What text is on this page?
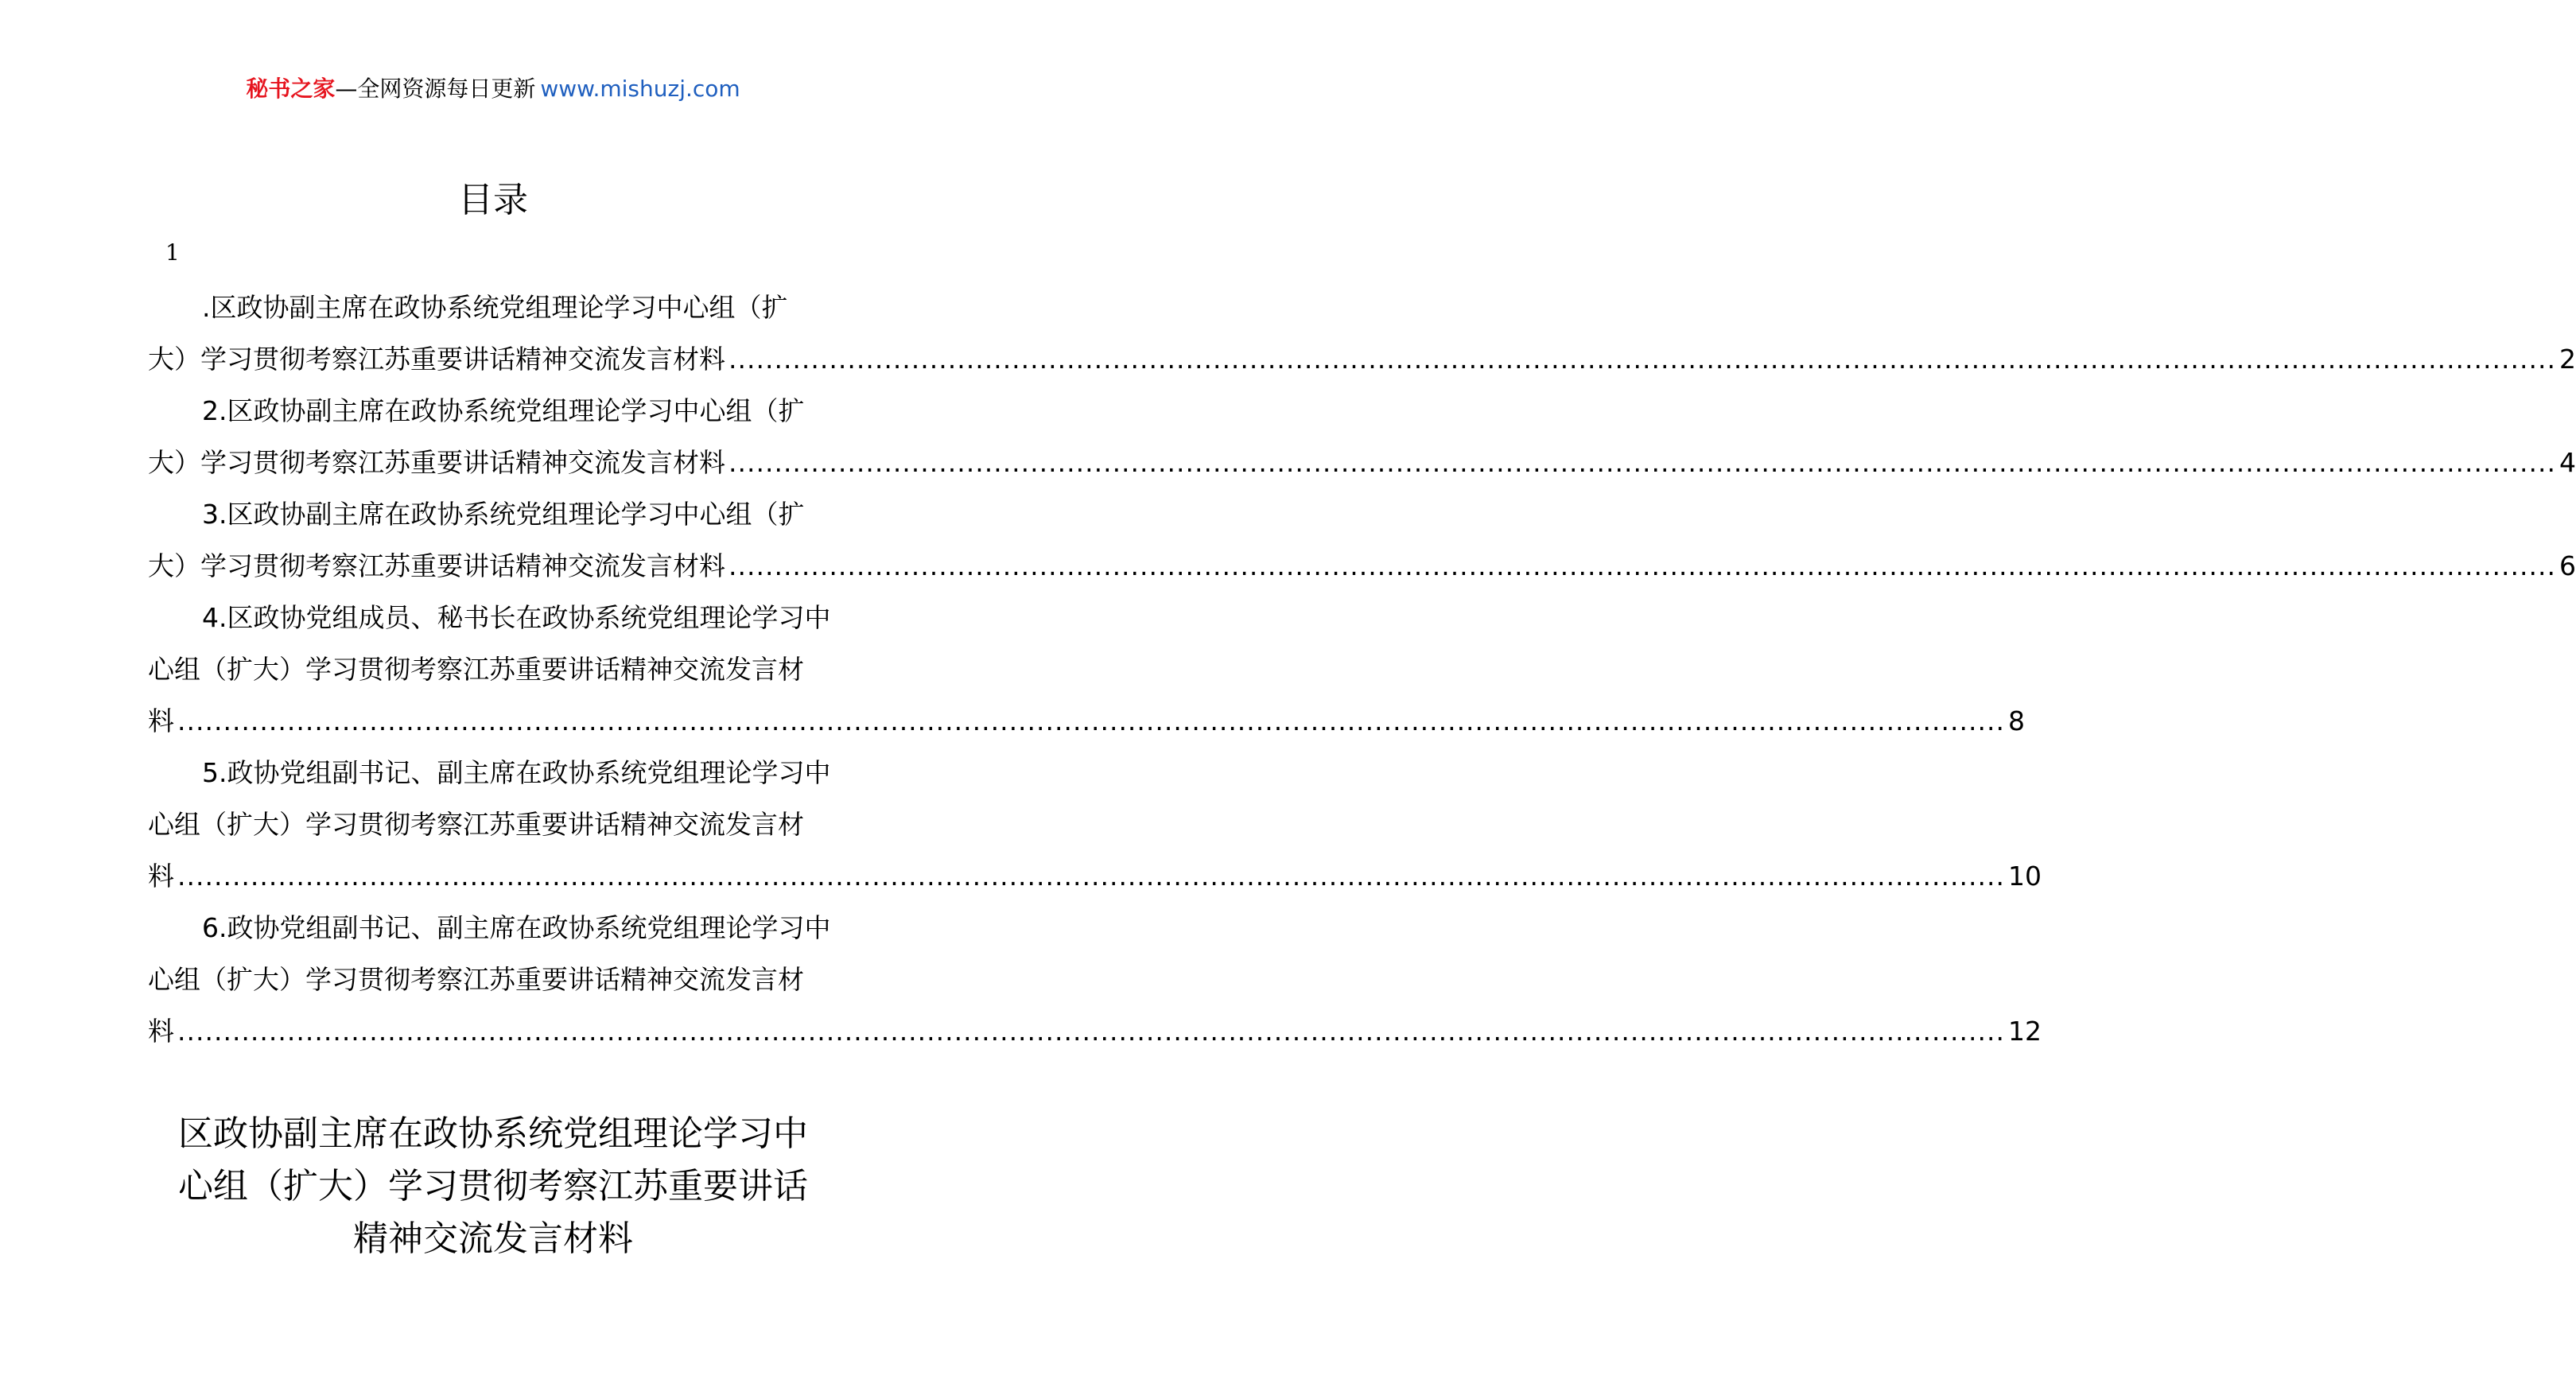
秘书之家—全网资源每日更新 www.mishuzj.com
目录
1
.区政协副主席在政协系统党组理论学习中心组（扩
大）学习贯彻考察江苏重要讲话精神交流发言材料 ........................................................................................................................................................................................................ 2
2.区政协副主席在政协系统党组理论学习中心组（扩
大）学习贯彻考察江苏重要讲话精神交流发言材料 ........................................................................................................................................................................................................ 4
3.区政协副主席在政协系统党组理论学习中心组（扩
大）学习贯彻考察江苏重要讲话精神交流发言材料 ........................................................................................................................................................................................................ 6
4.区政协党组成员、秘书长在政协系统党组理论学习中
心组（扩大）学习贯彻考察江苏重要讲话精神交流发言材
料 ........................................................................................................................................................................................................ 8
5.政协党组副书记、副主席在政协系统党组理论学习中
心组（扩大）学习贯彻考察江苏重要讲话精神交流发言材
料 ........................................................................................................................................................................................................ 10
6.政协党组副书记、副主席在政协系统党组理论学习中
心组（扩大）学习贯彻考察江苏重要讲话精神交流发言材
料 ........................................................................................................................................................................................................ 12
区政协副主席在政协系统党组理论学习中
心组（扩大）学习贯彻考察江苏重要讲话
精神交流发言材料
